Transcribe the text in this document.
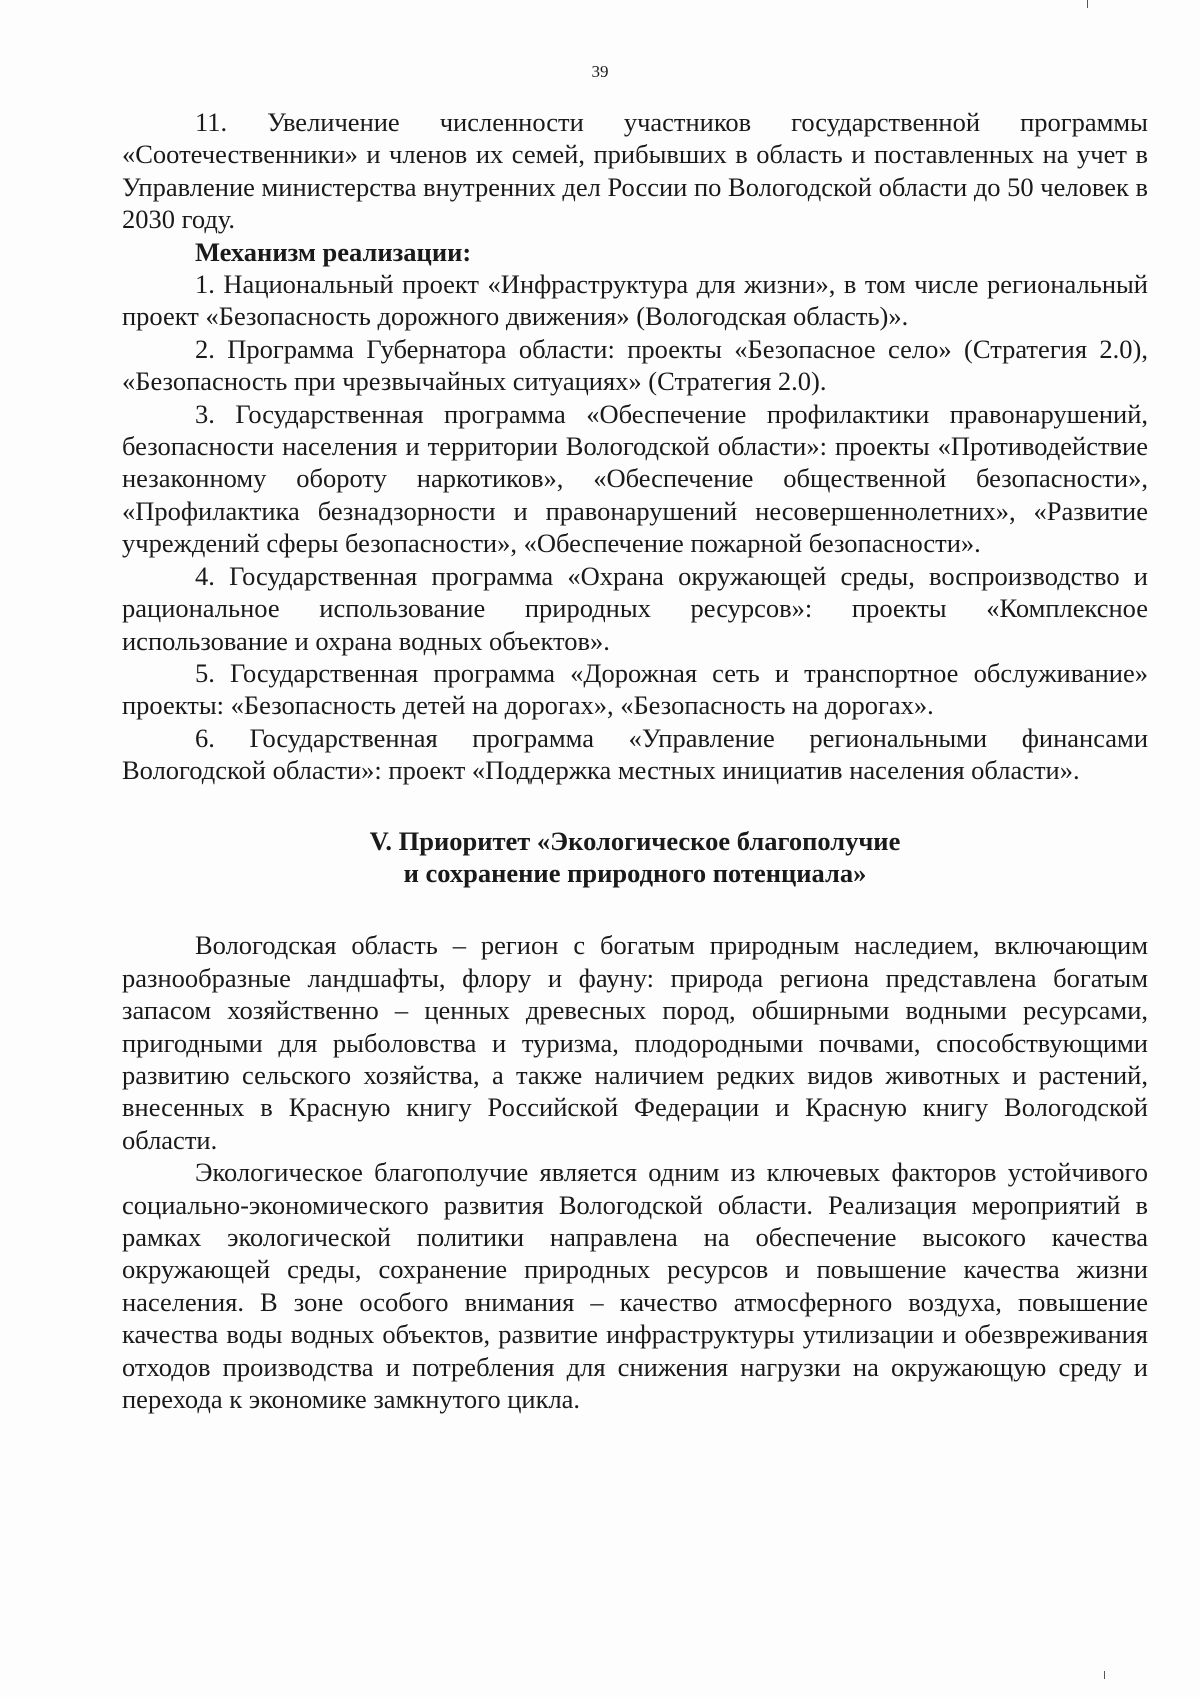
39

11. Увеличение численности участников государственной программы «Соотечественники» и членов их семей, прибывших в область и поставленных на учет в Управление министерства внутренних дел России по Вологодской области до 50 человек в 2030 году.

Механизм реализации:

1. Национальный проект «Инфраструктура для жизни», в том числе региональный проект «Безопасность дорожного движения» (Вологодская область)».

2. Программа Губернатора области: проекты «Безопасное село» (Стратегия 2.0), «Безопасность при чрезвычайных ситуациях» (Стратегия 2.0).

3. Государственная программа «Обеспечение профилактики правонарушений, безопасности населения и территории Вологодской области»: проекты «Противодействие незаконному обороту наркотиков», «Обеспечение общественной безопасности», «Профилактика безнадзорности и правонарушений несовершеннолетних», «Развитие учреждений сферы безопасности», «Обеспечение пожарной безопасности».

4. Государственная программа «Охрана окружающей среды, воспроизводство и рациональное использование природных ресурсов»: проекты «Комплексное использование и охрана водных объектов».

5. Государственная программа «Дорожная сеть и транспортное обслуживание» проекты: «Безопасность детей на дорогах», «Безопасность на дорогах».

6. Государственная программа «Управление региональными финансами Вологодской области»: проект «Поддержка местных инициатив населения области».

V. Приоритет «Экологическое благополучие
и сохранение природного потенциала»

Вологодская область – регион с богатым природным наследием, включающим разнообразные ландшафты, флору и фауну: природа региона представлена богатым запасом хозяйственно – ценных древесных пород, обширными водными ресурсами, пригодными для рыболовства и туризма, плодородными почвами, способствующими развитию сельского хозяйства, а также наличием редких видов животных и растений, внесенных в Красную книгу Российской Федерации и Красную книгу Вологодской области.

Экологическое благополучие является одним из ключевых факторов устойчивого социально-экономического развития Вологодской области. Реализация мероприятий в рамках экологической политики направлена на обеспечение высокого качества окружающей среды, сохранение природных ресурсов и повышение качества жизни населения. В зоне особого внимания – качество атмосферного воздуха, повышение качества воды водных объектов, развитие инфраструктуры утилизации и обезвреживания отходов производства и потребления для снижения нагрузки на окружающую среду и перехода к экономике замкнутого цикла.
